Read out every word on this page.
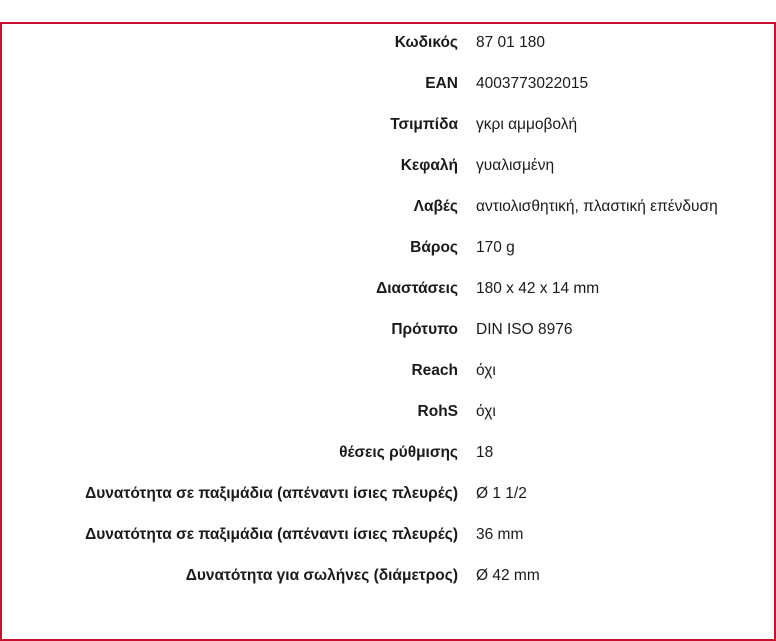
Κωδικός	87 01 180
EAN	4003773022015
Τσιμπίδα	γκρι αμμοβολή
Κεφαλή	γυαλισμένη
Λαβές	αντιολισθητική, πλαστική επένδυση
Βάρος	170 g
Διαστάσεις	180 x 42 x 14 mm
Πρότυπο	DIN ISO 8976
Reach	όχι
RohS	όχι
θέσεις ρύθμισης	18
Δυνατότητα σε παξιμάδια (απέναντι ίσιες πλευρές)	Ø 1 1/2
Δυνατότητα σε παξιμάδια (απέναντι ίσιες πλευρές)	36 mm
Δυνατότητα για σωλήνες (διάμετρος)	Ø 42 mm
